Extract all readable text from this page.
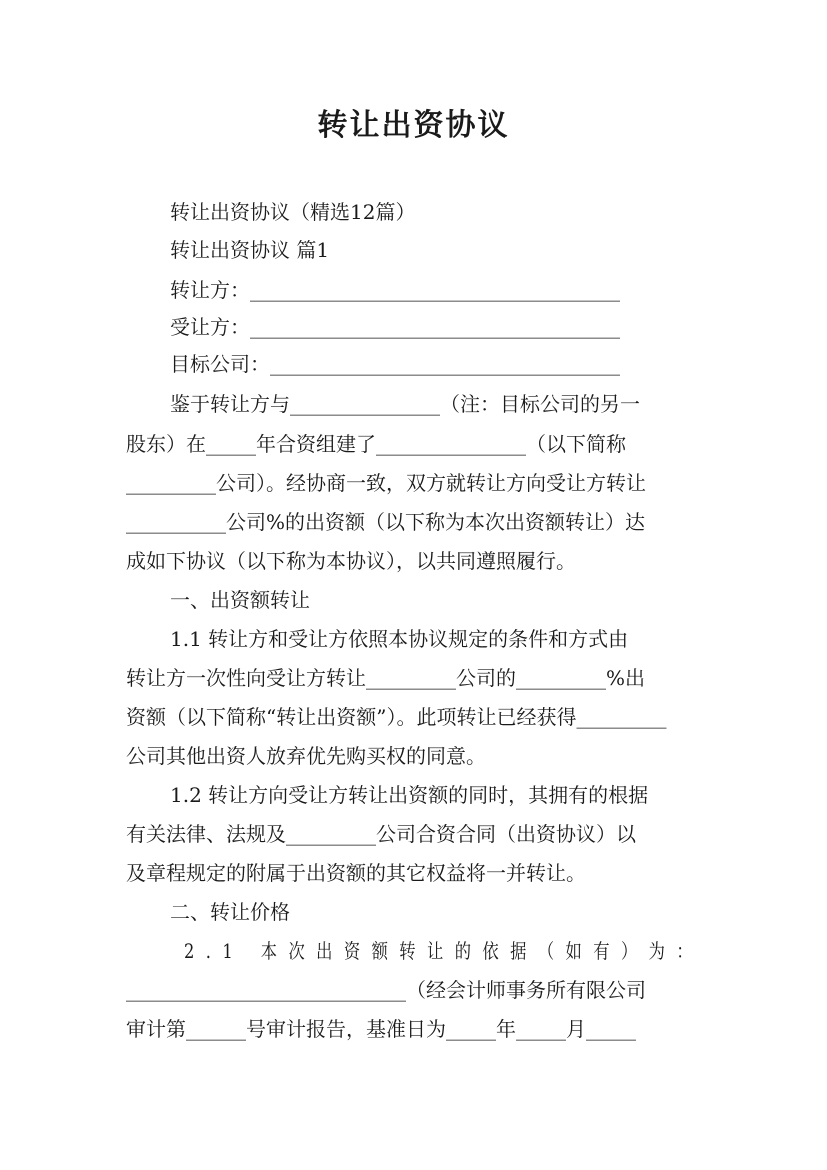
转让出资协议
转让出资协议（精选12篇）
转让出资协议 篇1
转让方：_____________________________________
受让方：_____________________________________
目标公司：___________________________________
鉴于转让方与_______________（注：目标公司的另一
股东）在_____年合资组建了_______________（以下简称
_________公司）。经协商一致，双方就转让方向受让方转让
__________公司%的出资额（以下称为本次出资额转让）达
成如下协议（以下称为本协议），以共同遵照履行。
一、出资额转让
1.1 转让方和受让方依照本协议规定的条件和方式由
转让方一次性向受让方转让_________公司的_________%出
资额（以下简称“转让出资额”）。此项转让已经获得_________
公司其他出资人放弃优先购买权的同意。
1.2 转让方向受让方转让出资额的同时，其拥有的根据
有关法律、法规及_________公司合资合同（出资协议）以
及章程规定的附属于出资额的其它权益将一并转让。
二、转让价格
2.1 本次出资额转让的依据（如有）为：
____________________________（经会计师事务所有限公司
审计第______号审计报告，基准日为_____年_____月_____
